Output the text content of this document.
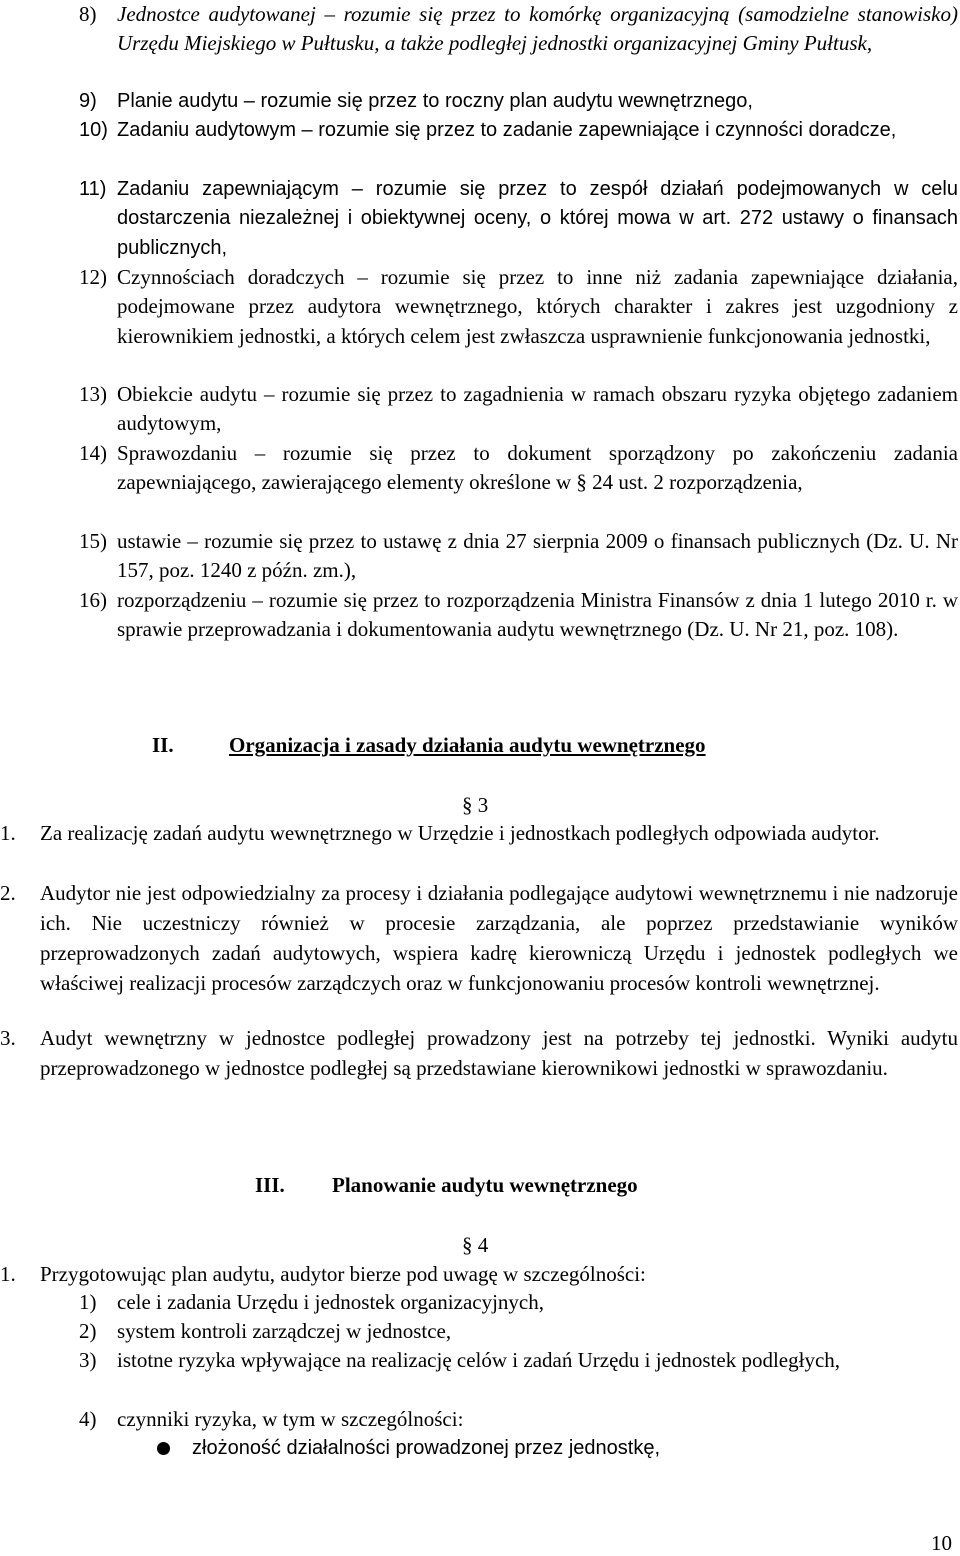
8) Jednostce audytowanej – rozumie się przez to komórkę organizacyjną (samodzielne stanowisko) Urzędu Miejskiego w Pułtusku, a także podległej jednostki organizacyjnej Gminy Pułtusk,
9) Planie audytu – rozumie się przez to roczny plan audytu wewnętrznego,
10) Zadaniu audytowym – rozumie się przez to zadanie zapewniające i czynności doradcze,
11) Zadaniu zapewniającym – rozumie się przez to zespół działań podejmowanych w celu dostarczenia niezależnej i obiektywnej oceny, o której mowa w art. 272 ustawy o finansach publicznych,
12) Czynnościach doradczych – rozumie się przez to inne niż zadania zapewniające działania, podejmowane przez audytora wewnętrznego, których charakter i zakres jest uzgodniony z kierownikiem jednostki, a których celem jest zwłaszcza usprawnienie funkcjonowania jednostki,
13) Obiekcie audytu – rozumie się przez to zagadnienia w ramach obszaru ryzyka objętego zadaniem audytowym,
14) Sprawozdaniu – rozumie się przez to dokument sporządzony po zakończeniu zadania zapewniającego, zawierającego elementy określone w § 24 ust. 2 rozporządzenia,
15) ustawie – rozumie się przez to ustawę z dnia 27 sierpnia 2009 o finansach publicznych (Dz. U. Nr 157, poz. 1240 z późn. zm.),
16) rozporządzeniu – rozumie się przez to rozporządzenia Ministra Finansów z dnia 1 lutego 2010 r. w sprawie przeprowadzania i dokumentowania audytu wewnętrznego (Dz. U. Nr 21, poz. 108).
II.	Organizacja i zasady działania audytu wewnętrznego
§ 3
1. Za realizację zadań audytu wewnętrznego w Urzędzie i jednostkach podległych odpowiada audytor.
2. Audytor nie jest odpowiedzialny za procesy i działania podlegające audytowi wewnętrznemu i nie nadzoruje ich. Nie uczestniczy również w procesie zarządzania, ale poprzez przedstawianie wyników przeprowadzonych zadań audytowych, wspiera kadrę kierowniczą Urzędu i jednostek podległych we właściwej realizacji procesów zarządczych oraz w funkcjonowaniu procesów kontroli wewnętrznej.
3. Audyt wewnętrzny w jednostce podległej prowadzony jest na potrzeby tej jednostki. Wyniki audytu przeprowadzonego w jednostce podległej są przedstawiane kierownikowi jednostki w sprawozdaniu.
III. Planowanie audytu wewnętrznego
§ 4
1. Przygotowując plan audytu, audytor bierze pod uwagę w szczególności:
1) cele i zadania Urzędu i jednostek organizacyjnych,
2) system kontroli zarządczej w jednostce,
3) istotne ryzyka wpływające na realizację celów i zadań Urzędu i jednostek podległych,
4) czynniki ryzyka, w tym w szczególności:
złożoność działalności prowadzonej przez jednostkę,
10
